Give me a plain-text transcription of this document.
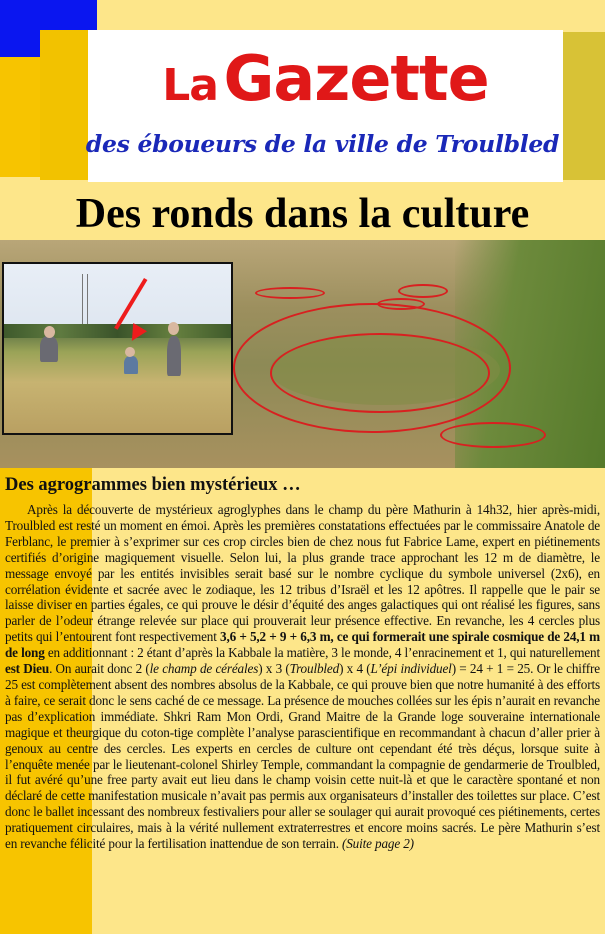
La Gazette
des éboueurs de la ville de Troulbled
Des ronds dans la culture
Des agrogrammes bien mystérieux …

Après la découverte de mystérieux agroglyphes dans le champ du père Mathurin à 14h32, hier après-midi, Troulbled est resté un moment en émoi. Après les premières constatations effectuées par le commissaire Anatole de Ferblanc, le premier à s’exprimer sur ces crop circles bien de chez nous fut Fabrice Lame, expert en piétinements certifiés d’origine magiquement visuelle. Selon lui, la plus grande trace approchant les 12 m de diamètre, le message envoyé par les entités invisibles serait basé sur le nombre cyclique du symbole universel (2x6), en corrélation évidente et sacrée avec le zodiaque, les 12 tribus d’Israël et les 12 apôtres. Il rappelle que le pair se laisse diviser en parties égales, ce qui prouve le désir d’équité des anges galactiques qui ont réalisé les figures, sans parler de l’odeur étrange relevée sur place qui prouverait leur présence effective. En revanche, les 4 cercles plus petits qui l’entourent font respectivement 3,6 + 5,2 + 9 + 6,3 m, ce qui formerait une spirale cosmique de 24,1 m de long en additionnant : 2 étant d’après la Kabbale la matière, 3 le monde, 4 l’enracinement et 1, qui naturellement est Dieu. On aurait donc 2 (le champ de céréales) x 3 (Troulbled) x 4 (L’épi individuel) = 24 + 1 = 25. Or le chiffre 25 est complètement absent des nombres absolus de la Kabbale, ce qui prouve bien que notre humanité à des efforts à faire, ce serait donc le sens caché de ce message. La présence de mouches collées sur les épis n’aurait en revanche pas d’explication immédiate. Shkri Ram Mon Ordi, Grand Maitre de la Grande loge souveraine internationale magique et theurgique du coton-tige complète l’analyse parascientifique en recommandant à chacun d’aller prier à genoux au centre des cercles. Les experts en cercles de culture ont cependant été très déçus, lorsque suite à l’enquête menée par le lieutenant-colonel Shirley Temple, commandant la compagnie de gendarmerie de Troulbled, il fut avéré qu’une free party avait eut lieu dans le champ voisin cette nuit-là et que le caractère spontané et non déclaré de cette manifestation musicale n’avait pas permis aux organisateurs d’installer des toilettes sur place. C’est donc le ballet incessant des nombreux festivaliers pour aller se soulager qui aurait provoqué ces piétinements, certes pratiquement circulaires, mais à la vérité nullement extraterrestres et encore moins sacrés. Le père Mathurin s’est en revanche félicité pour la fertilisation inattendue de son terrain. (Suite page 2)
